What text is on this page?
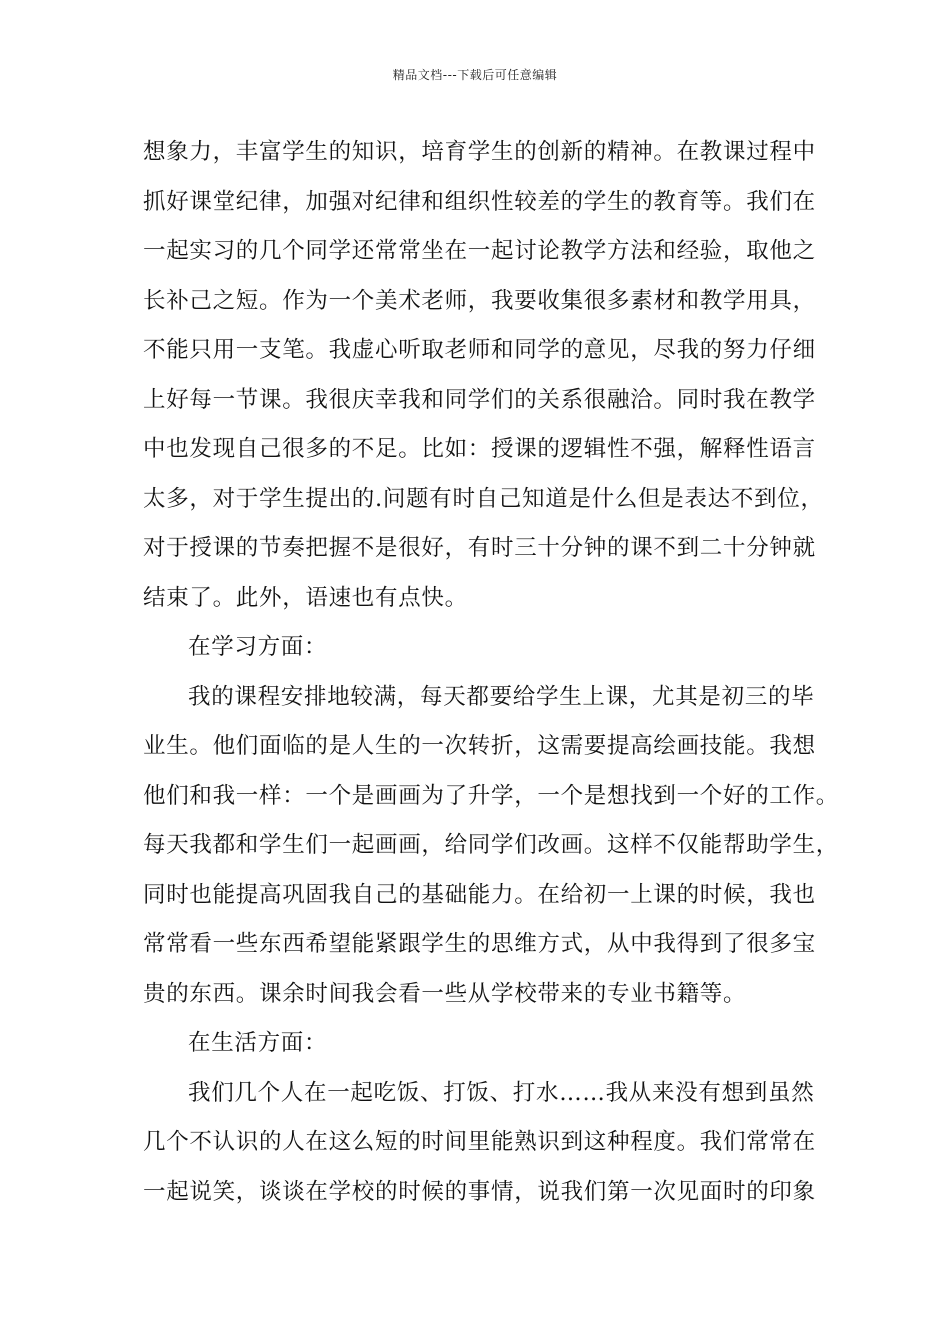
精品文档---下载后可任意编辑
想象力，丰富学生的知识，培育学生的创新的精神。在教课过程中
抓好课堂纪律，加强对纪律和组织性较差的学生的教育等。我们在
一起实习的几个同学还常常坐在一起讨论教学方法和经验，取他之
长补己之短。作为一个美术老师，我要收集很多素材和教学用具，
不能只用一支笔。我虚心听取老师和同学的意见，尽我的努力仔细
上好每一节课。我很庆幸我和同学们的关系很融洽。同时我在教学
中也发现自己很多的不足。比如：授课的逻辑性不强，解释性语言
太多，对于学生提出的.问题有时自己知道是什么但是表达不到位，
对于授课的节奏把握不是很好，有时三十分钟的课不到二十分钟就
结束了。此外，语速也有点快。
在学习方面：
我的课程安排地较满，每天都要给学生上课，尤其是初三的毕
业生。他们面临的是人生的一次转折，这需要提高绘画技能。我想
他们和我一样：一个是画画为了升学，一个是想找到一个好的工作。
每天我都和学生们一起画画，给同学们改画。这样不仅能帮助学生，
同时也能提高巩固我自己的基础能力。在给初一上课的时候，我也
常常看一些东西希望能紧跟学生的思维方式，从中我得到了很多宝
贵的东西。课余时间我会看一些从学校带来的专业书籍等。
在生活方面：
我们几个人在一起吃饭、打饭、打水……我从来没有想到虽然
几个不认识的人在这么短的时间里能熟识到这种程度。我们常常在
一起说笑，谈谈在学校的时候的事情，说我们第一次见面时的印象
